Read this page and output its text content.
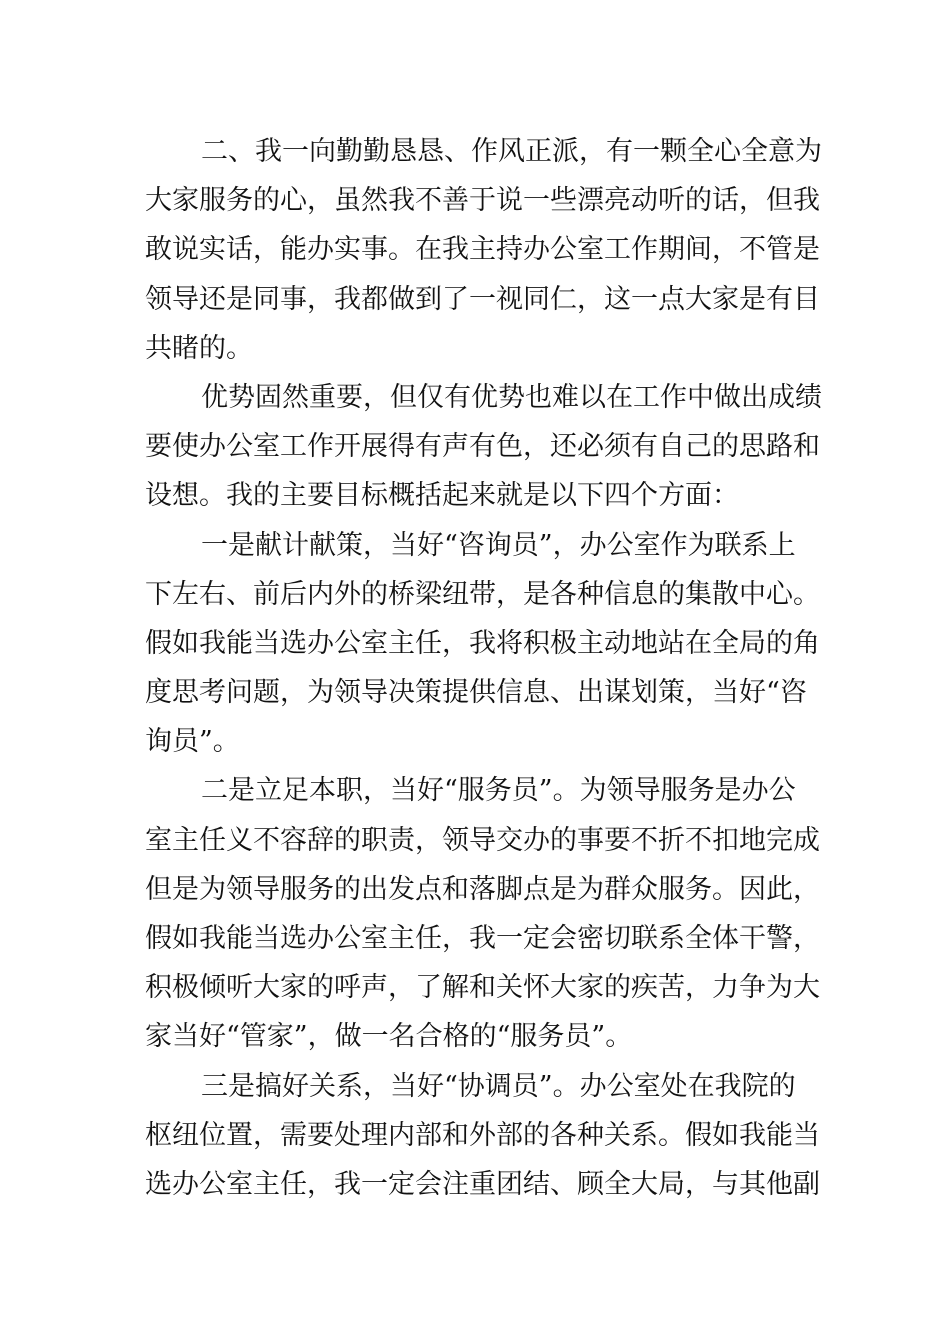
二、我一向勤勤恳恳、作风正派，有一颗全心全意为
大家服务的心，虽然我不善于说一些漂亮动听的话，但我
敢说实话，能办实事。在我主持办公室工作期间，不管是
领导还是同事，我都做到了一视同仁，这一点大家是有目
共睹的。
优势固然重要，但仅有优势也难以在工作中做出成绩
要使办公室工作开展得有声有色，还必须有自己的思路和
设想。我的主要目标概括起来就是以下四个方面：
一是献计献策，当好“咨询员”，办公室作为联系上
下左右、前后内外的桥梁纽带，是各种信息的集散中心。
假如我能当选办公室主任，我将积极主动地站在全局的角
度思考问题，为领导决策提供信息、出谋划策，当好“咨
询员”。
二是立足本职，当好“服务员”。为领导服务是办公
室主任义不容辞的职责，领导交办的事要不折不扣地完成
但是为领导服务的出发点和落脚点是为群众服务。因此，
假如我能当选办公室主任，我一定会密切联系全体干警，
积极倾听大家的呼声，了解和关怀大家的疾苦，力争为大
家当好“管家”，做一名合格的“服务员”。
三是搞好关系，当好“协调员”。办公室处在我院的
枢纽位置，需要处理内部和外部的各种关系。假如我能当
选办公室主任，我一定会注重团结、顾全大局，与其他副
